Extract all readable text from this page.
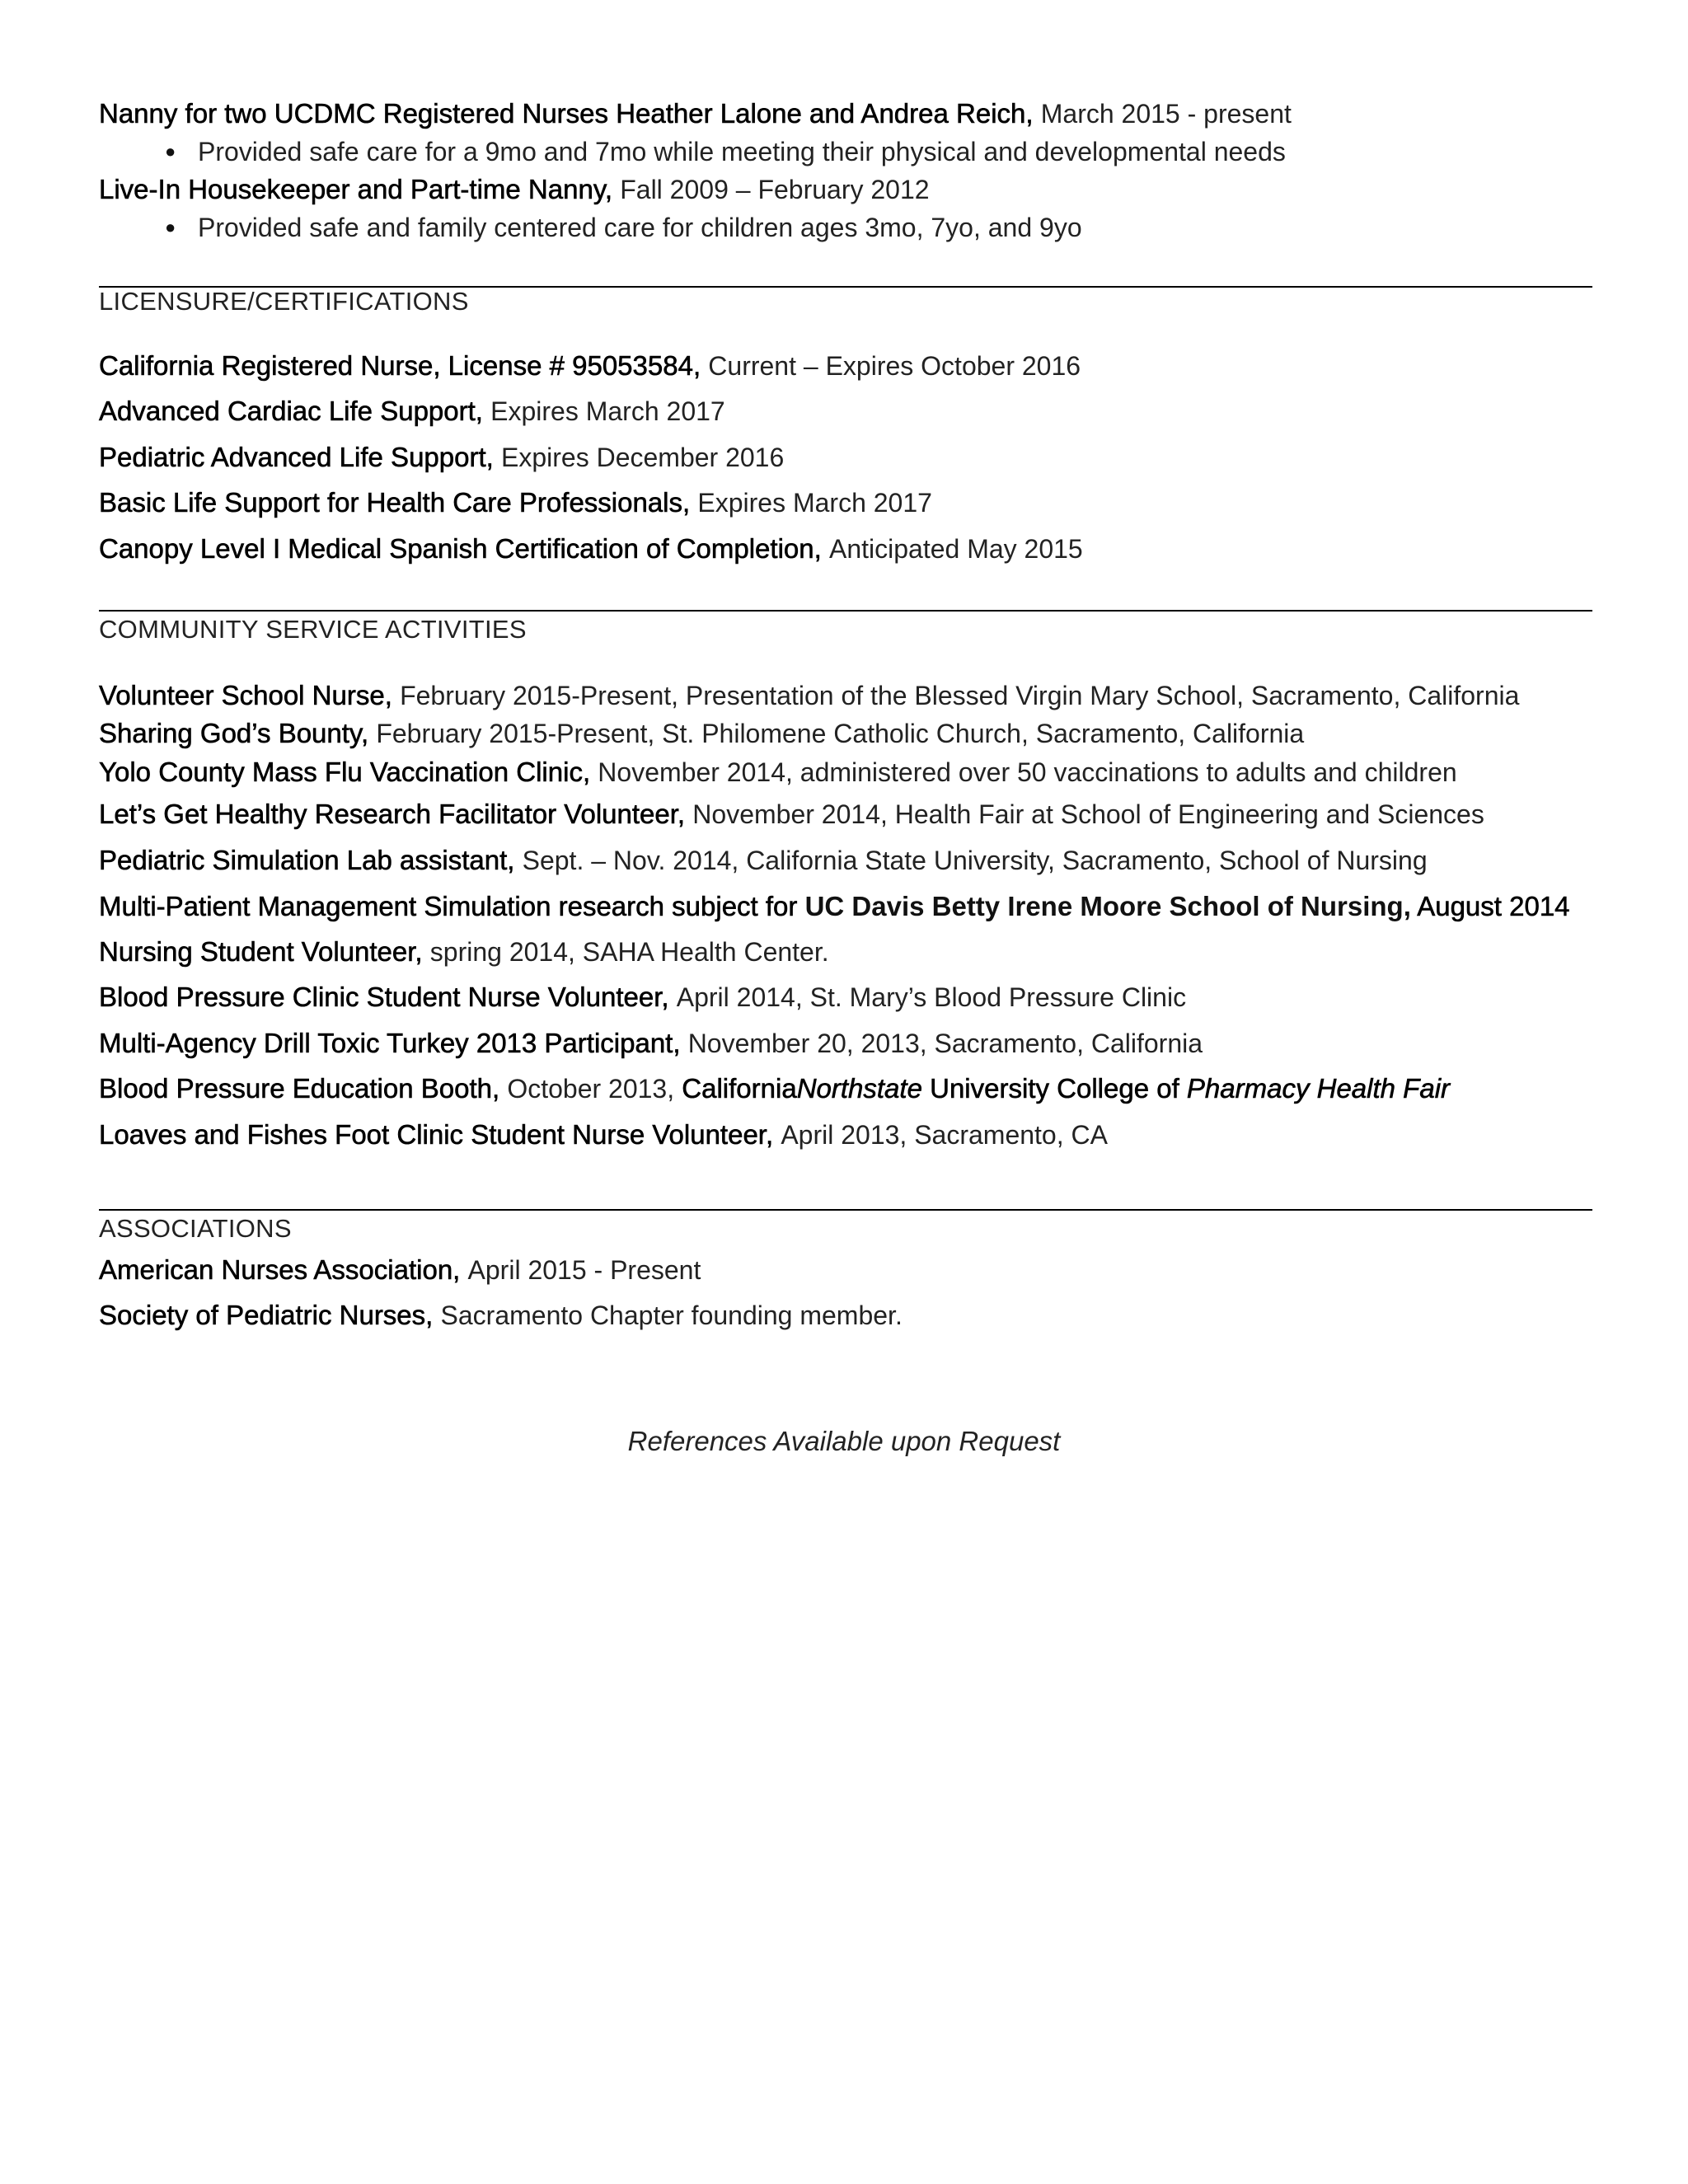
Nanny for two UCDMC Registered Nurses Heather Lalone and Andrea Reich, March 2015 - present
● Provided safe care for a 9mo and 7mo while meeting their physical and developmental needs
Live-In Housekeeper and Part-time Nanny, Fall 2009 – February 2012
● Provided safe and family centered care for children ages 3mo, 7yo, and 9yo
LICENSURE/CERTIFICATIONS
California Registered Nurse, License # 95053584, Current – Expires October 2016
Advanced Cardiac Life Support, Expires March 2017
Pediatric Advanced Life Support, Expires December 2016
Basic Life Support for Health Care Professionals, Expires March 2017
Canopy Level I Medical Spanish Certification of Completion, Anticipated May 2015
COMMUNITY SERVICE ACTIVITIES
Volunteer School Nurse, February 2015-Present, Presentation of the Blessed Virgin Mary School, Sacramento, California
Sharing God’s Bounty, February 2015-Present, St. Philomene Catholic Church, Sacramento, California
Yolo County Mass Flu Vaccination Clinic, November 2014, administered over 50 vaccinations to adults and children
Let’s Get Healthy Research Facilitator Volunteer, November 2014, Health Fair at School of Engineering and Sciences
Pediatric Simulation Lab assistant, Sept. – Nov. 2014, California State University, Sacramento, School of Nursing
Multi-Patient Management Simulation research subject for UC Davis Betty Irene Moore School of Nursing, August 2014
Nursing Student Volunteer, spring 2014, SAHA Health Center.
Blood Pressure Clinic Student Nurse Volunteer, April 2014, St. Mary’s Blood Pressure Clinic
Multi-Agency Drill Toxic Turkey 2013 Participant, November 20, 2013, Sacramento, California
Blood Pressure Education Booth, October 2013, CaliforniaNorthstate University College of Pharmacy Health Fair
Loaves and Fishes Foot Clinic Student Nurse Volunteer, April 2013, Sacramento, CA
ASSOCIATIONS
American Nurses Association, April 2015 - Present
Society of Pediatric Nurses, Sacramento Chapter founding member.
References Available upon Request
